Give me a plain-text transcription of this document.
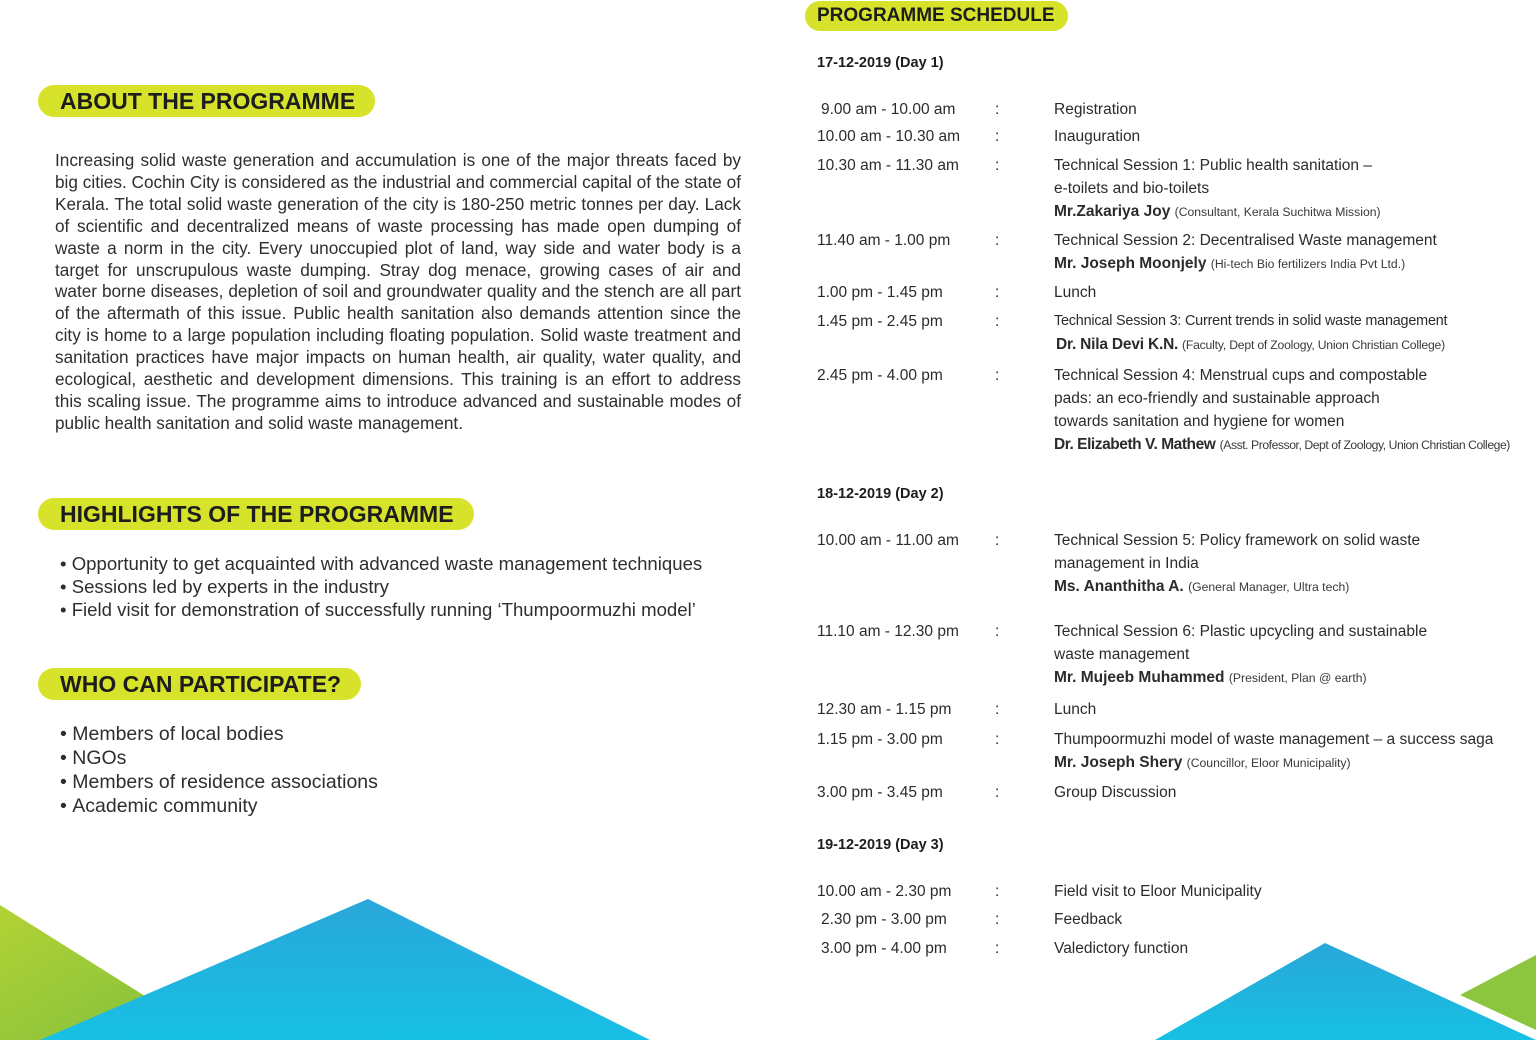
ABOUT THE PROGRAMME
Increasing solid waste generation and accumulation is one of the major threats faced by big cities. Cochin City is considered as the industrial and commercial capital of the state of Kerala. The total solid waste generation of the city is 180-250 metric tonnes per day. Lack of scientific and decentralized means of waste processing has made open dumping of waste a norm in the city. Every unoccupied plot of land, way side and water body is a target for unscrupulous waste dumping. Stray dog menace, growing cases of air and water borne diseases, depletion of soil and groundwater quality and the stench are all part of the aftermath of this issue. Public health sanitation also demands attention since the city is home to a large population including floating population. Solid waste treatment and sanitation practices have major impacts on human health, air quality, water quality, and ecological, aesthetic and development dimensions. This training is an effort to address this scaling issue. The programme aims to introduce advanced and sustainable modes of public health sanitation and solid waste management.
HIGHLIGHTS OF THE PROGRAMME
• Opportunity to get acquainted with advanced waste management techniques
• Sessions led by experts in the industry
• Field visit for demonstration of successfully running ‘Thumpoormuzhi model’
WHO CAN PARTICIPATE?
• Members of local bodies
• NGOs
• Members of residence associations
• Academic community
PROGRAMME SCHEDULE
17-12-2019 (Day 1)
9.00 am - 10.00 am	:	Registration
10.00 am - 10.30 am :	Inauguration
10.30 am - 11.30 am :	Technical Session 1: Public health sanitation –
e-toilets and bio-toilets
Mr.Zakariya Joy (Consultant, Kerala Suchitwa Mission)
11.40 am - 1.00 pm	:	Technical Session 2: Decentralised Waste management
Mr. Joseph Moonjely (Hi-tech Bio fertilizers India Pvt Ltd.)
1.00 pm - 1.45 pm	:	Lunch
1.45 pm - 2.45 pm	:	Technical Session 3: Current trends in solid waste management
Dr. Nila Devi K.N. (Faculty, Dept of Zoology, Union Christian College)
2.45 pm - 4.00 pm	:	Technical Session 4: Menstrual cups and compostable
pads: an eco-friendly and sustainable approach
towards sanitation and hygiene for women
Dr. Elizabeth V. Mathew (Asst. Professor, Dept of Zoology, Union Christian College)
18-12-2019 (Day 2)
10.00 am - 11.00 am :	Technical Session 5: Policy framework on solid waste
management in India
Ms. Ananthitha A. (General Manager, Ultra tech)
11.10 am - 12.30 pm :	Technical Session 6: Plastic upcycling and sustainable
waste management
Mr. Mujeeb Muhammed (President, Plan @ earth)
12.30 am - 1.15 pm	:	Lunch
1.15 pm - 3.00 pm	:	Thumpoormuzhi model of waste management – a success saga
Mr. Joseph Shery (Councillor, Eloor Municipality)
3.00 pm - 3.45 pm	:	Group Discussion
19-12-2019 (Day 3)
10.00 am - 2.30 pm	:	Field visit to Eloor Municipality
2.30 pm - 3.00 pm	:	Feedback
3.00 pm - 4.00 pm	:	Valedictory function
